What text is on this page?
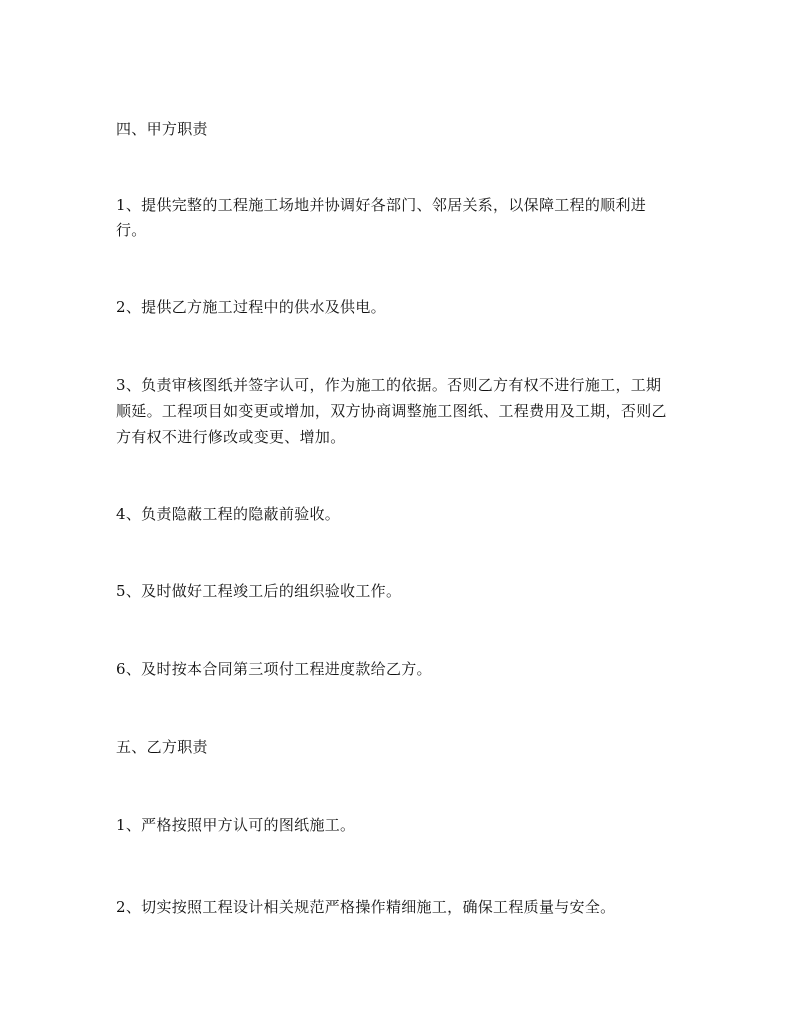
四、甲方职责

1、提供完整的工程施工场地并协调好各部门、邻居关系，以保障工程的顺利进

行。

2、提供乙方施工过程中的供水及供电。

3、负责审核图纸并签字认可，作为施工的依据。否则乙方有权不进行施工，工期

顺延。工程项目如变更或增加，双方协商调整施工图纸、工程费用及工期，否则乙

方有权不进行修改或变更、增加。

4、负责隐蔽工程的隐蔽前验收。

5、及时做好工程竣工后的组织验收工作。

6、及时按本合同第三项付工程进度款给乙方。

五、乙方职责

1、严格按照甲方认可的图纸施工。

2、切实按照工程设计相关规范严格操作精细施工，确保工程质量与安全。
